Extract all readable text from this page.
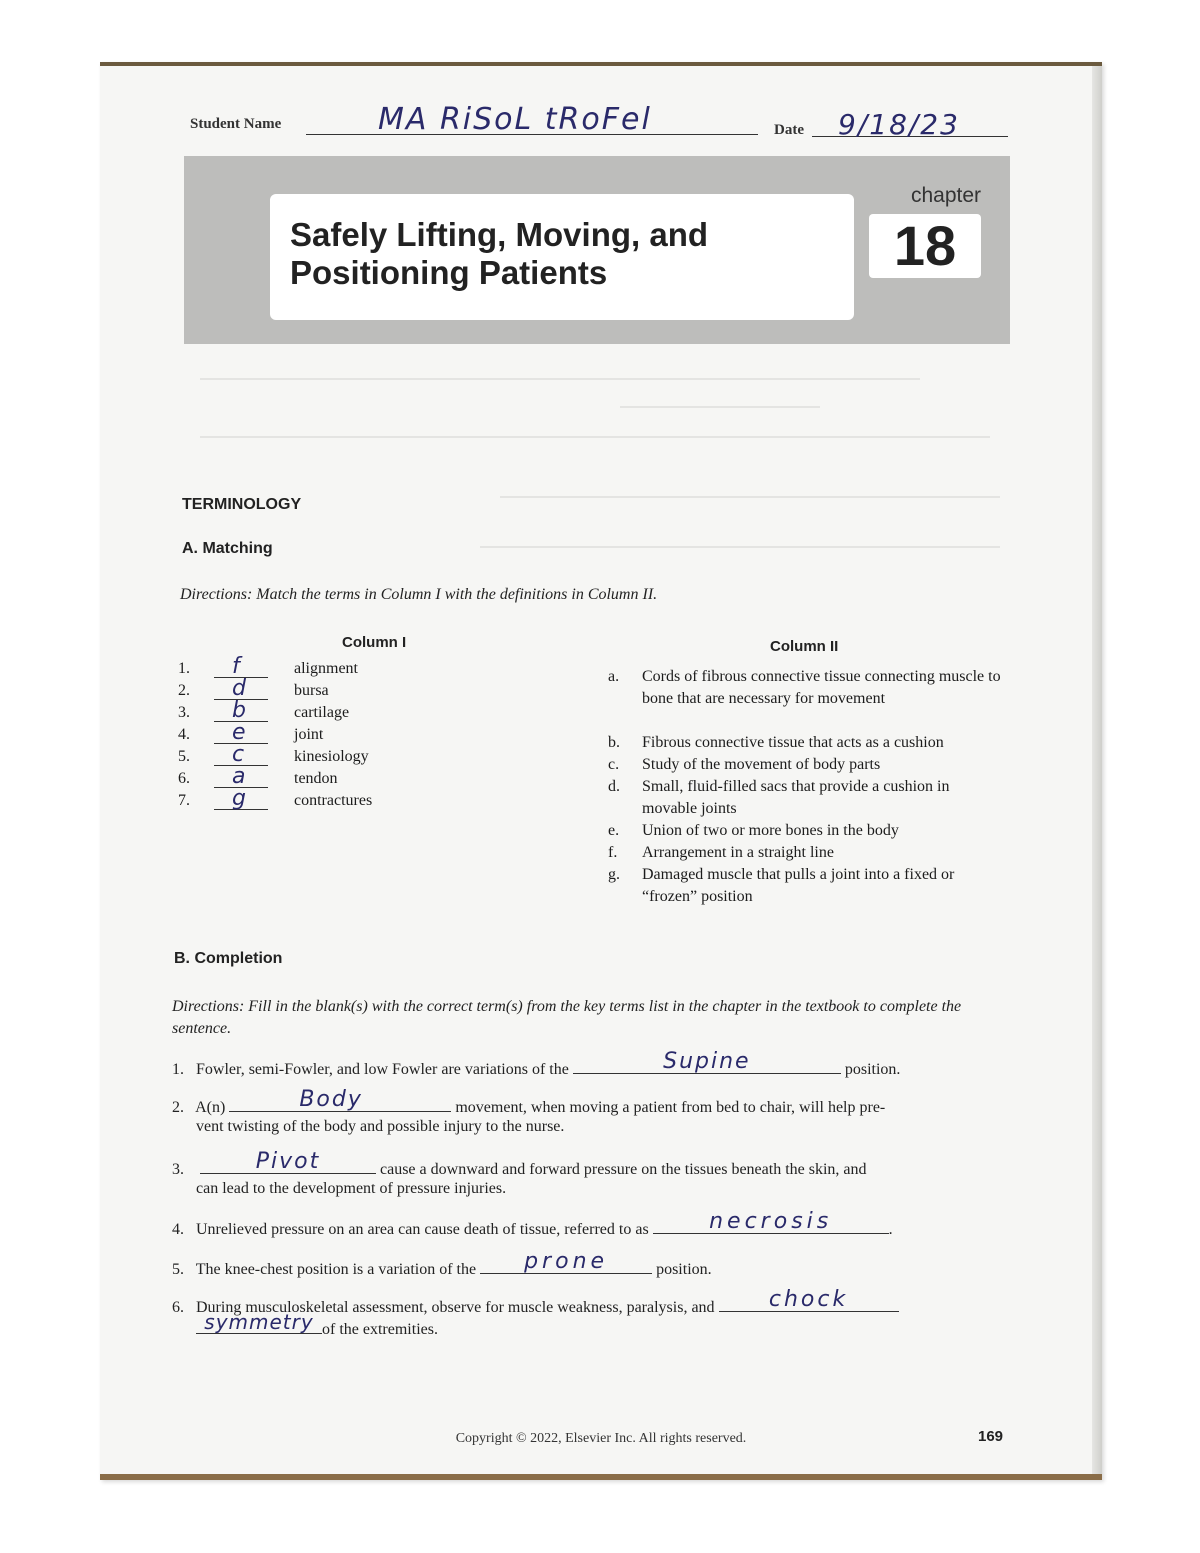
Student Name	MA RiSoL tRoFel	Date 9/18/23
Safely Lifting, Moving, and
Positioning Patients
chapter
18
TERMINOLOGY
A. Matching
Directions: Match the terms in Column I with the definitions in Column II.
Column I	Column II
1.	f	alignment
2.	d	bursa
3.	b	cartilage
4.	e	joint
5.	c	kinesiology
6.	a	tendon
7.	g	contractures
a.	Cords of fibrous connective tissue connecting muscle to bone that are necessary for movement
b.	Fibrous connective tissue that acts as a cushion
c.	Study of the movement of body parts
d.	Small, fluid-filled sacs that provide a cushion in movable joints
e.	Union of two or more bones in the body
f.	Arrangement in a straight line
g.	Damaged muscle that pulls a joint into a fixed or “frozen” position
B. Completion
Directions: Fill in the blank(s) with the correct term(s) from the key terms list in the chapter in the textbook to complete the sentence.
1. Fowler, semi-Fowler, and low Fowler are variations of the	Supine	position.
2. A(n)	Body	movement, when moving a patient from bed to chair, will help pre-
vent twisting of the body and possible injury to the nurse.
3.	Pivot	cause a downward and forward pressure on the tissues beneath the skin, and
can lead to the development of pressure injuries.
4. Unrelieved pressure on an area can cause death of tissue, referred to as	necrosis	.
5. The knee-chest position is a variation of the	prone	position.
6. During musculoskeletal assessment, observe for muscle weakness, paralysis, and	chock
symmetry of the extremities.
Copyright © 2022, Elsevier Inc. All rights reserved.	169
